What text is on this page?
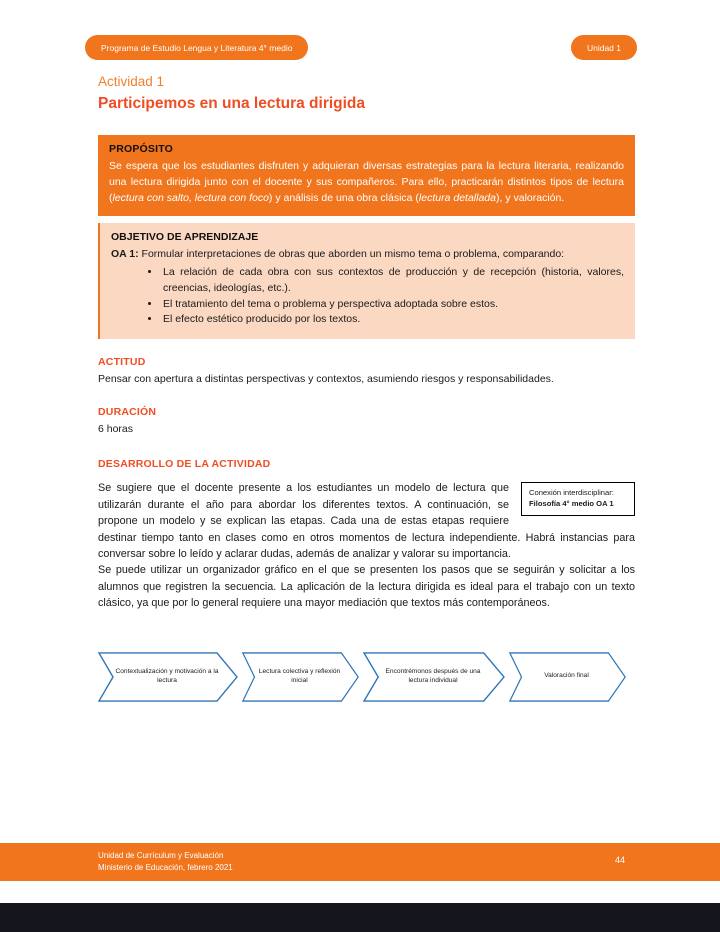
Programa de Estudio Lengua y Literatura 4° medio	Unidad 1
Actividad 1
Participemos en una lectura dirigida
PROPÓSITO

Se espera que los estudiantes disfruten y adquieran diversas estrategias para la lectura literaria, realizando una lectura dirigida junto con el docente y sus compañeros. Para ello, practicarán distintos tipos de lectura (lectura con salto, lectura con foco) y análisis de una obra clásica (lectura detallada), y valoración.

OBJETIVO DE APRENDIZAJE

OA 1: Formular interpretaciones de obras que aborden un mismo tema o problema, comparando:

• La relación de cada obra con sus contextos de producción y de recepción (historia, valores, creencias, ideologías, etc.).
• El tratamiento del tema o problema y perspectiva adoptada sobre estos.
• El efecto estético producido por los textos.
ACTITUD
Pensar con apertura a distintas perspectivas y contextos, asumiendo riesgos y responsabilidades.
DURACIÓN
6 horas
DESARROLLO DE LA ACTIVIDAD
Conexión interdisciplinar:
Filosofía 4° medio OA 1

Se sugiere que el docente presente a los estudiantes un modelo de lectura que utilizarán durante el año para abordar los diferentes textos. A continuación, se propone un modelo y se explican las etapas. Cada una de estas etapas requiere destinar tiempo tanto en clases como en otros momentos de lectura independiente. Habrá instancias para conversar sobre lo leído y aclarar dudas, además de analizar y valorar su importancia.

Se puede utilizar un organizador gráfico en el que se presenten los pasos que se seguirán y solicitar a los alumnos que registren la secuencia. La aplicación de la lectura dirigida es ideal para el trabajo con un texto clásico, ya que por lo general requiere una mayor mediación que textos más contemporáneos.

Contextualización y motivación a la lectura
Lectura colectiva y reflexión inicial
Encontrémonos después de una lectura individual
Valoración final
Unidad de Currículum y Evaluación
Ministerio de Educación, febrero 2021
44
